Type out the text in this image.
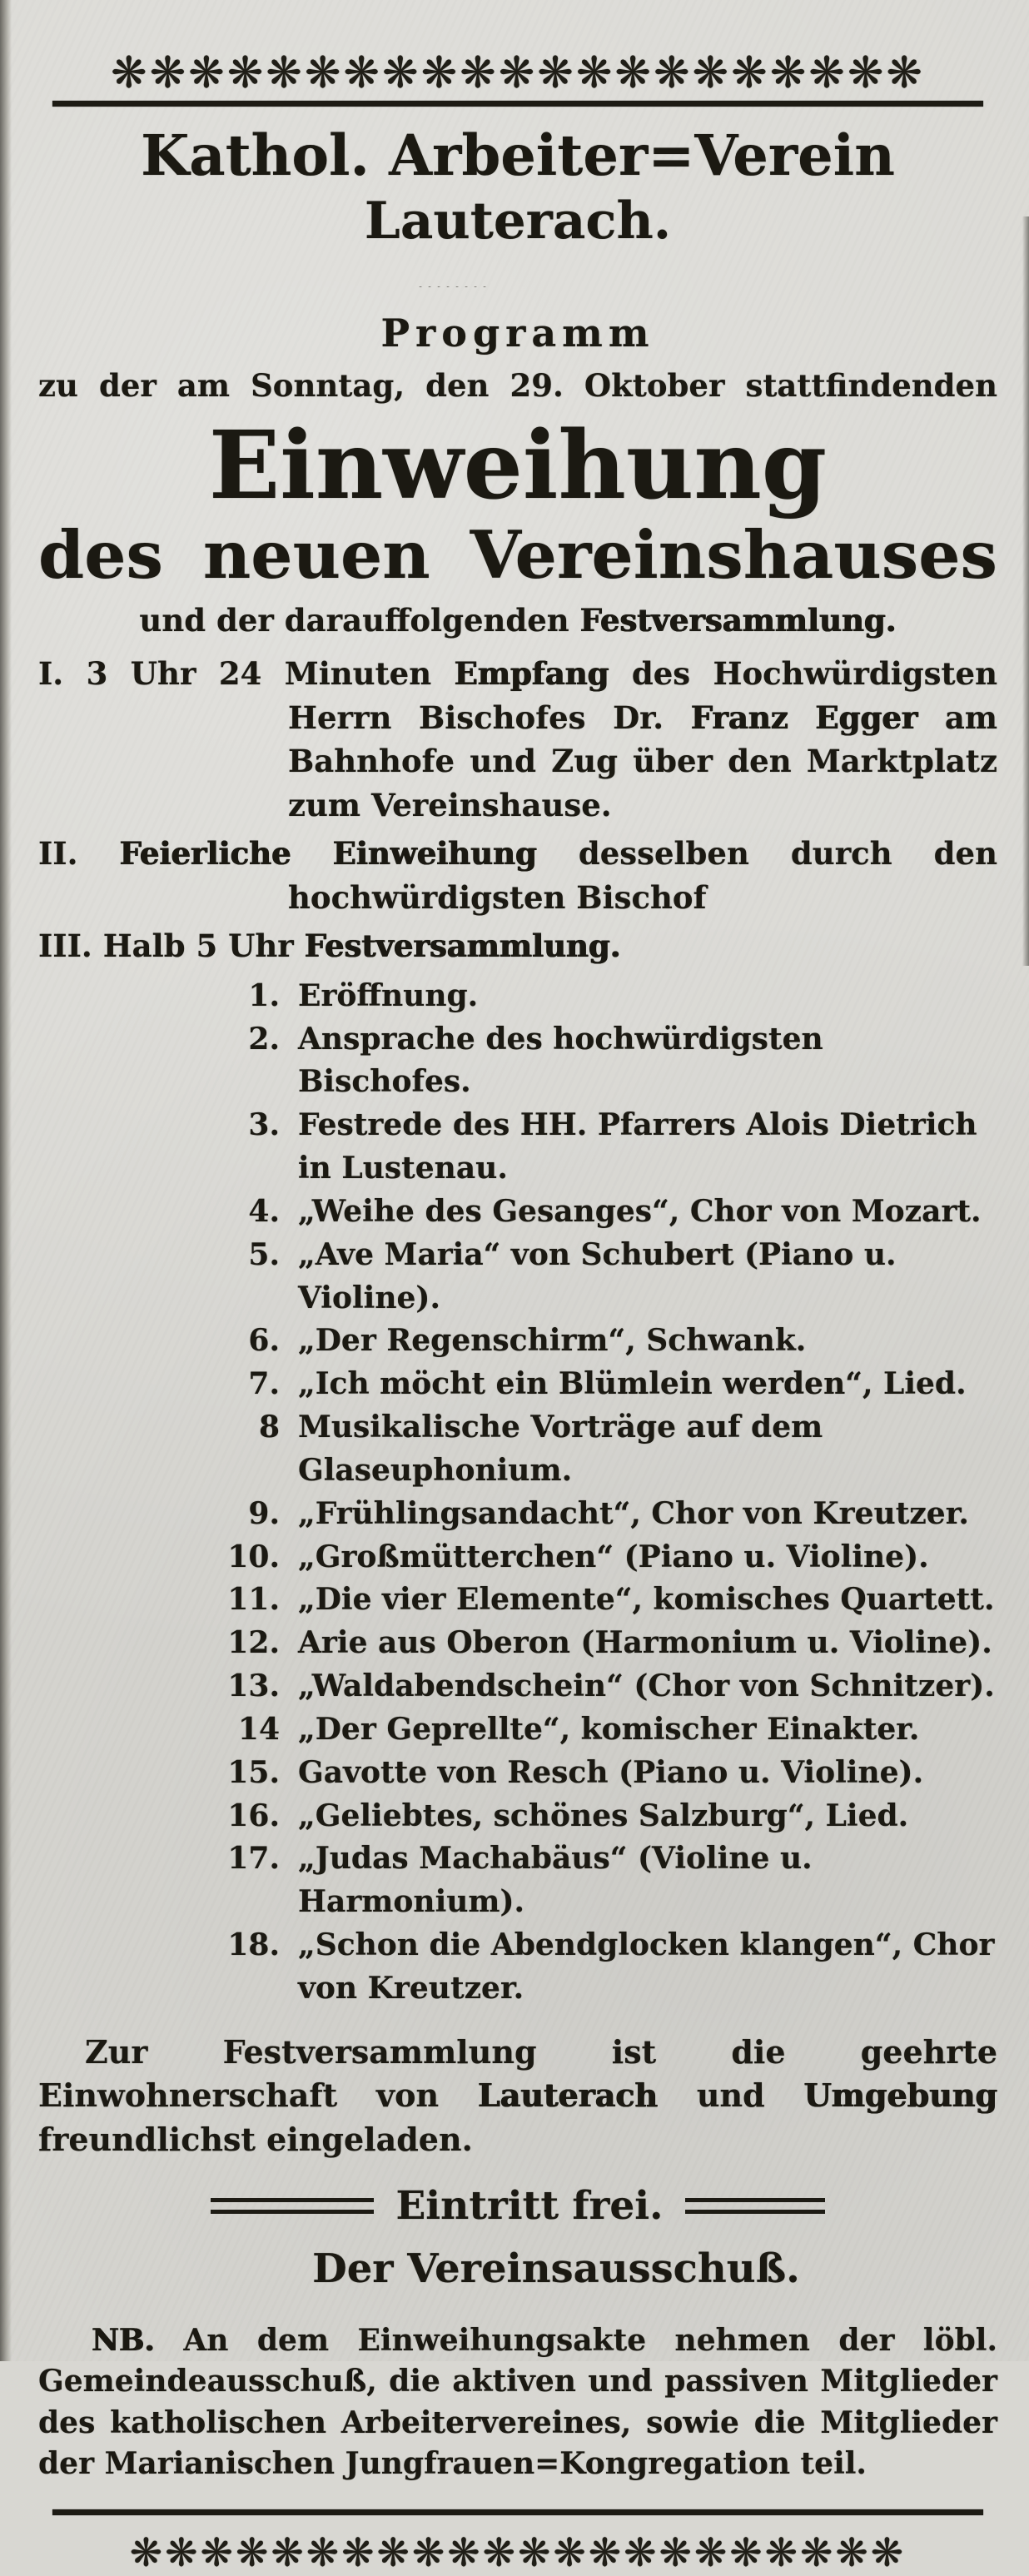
❋❋❋❋❋❋❋❋❋❋❋❋❋❋❋❋❋❋❋❋❋
Kathol. Arbeiter=Verein
Lauterach.

Programm
zu der am Sonntag, den 29. Oktober stattfindenden
Einweihung
des neuen Vereinshauses
und der darauffolgenden Festversammlung.
I. 3 Uhr 24 Minuten Empfang des Hochwürdigsten Herrn Bischofes Dr. Franz Egger am Bahnhofe und Zug über den Marktplatz zum Vereinshause.
II. Feierliche Einweihung desselben durch den hochwürdigsten Bischof
III. Halb 5 Uhr Festversammlung.
1. Eröffnung.
2. Ansprache des hochwürdigsten Bischofes.
3. Festrede des HH. Pfarrers Alois Dietrich in Lustenau.
4. „Weihe des Gesanges“, Chor von Mozart.
5. „Ave Maria“ von Schubert (Piano u. Violine).
6. „Der Regenschirm“, Schwank.
7. „Ich möcht ein Blümlein werden“, Lied.
8 Musikalische Vorträge auf dem Glaseuphonium.
9. „Frühlingsandacht“, Chor von Kreutzer.
10. „Großmütterchen“ (Piano u. Violine).
11. „Die vier Elemente“, komisches Quartett.
12. Arie aus Oberon (Harmonium u. Violine).
13. „Waldabendschein“ (Chor von Schnitzer).
14 „Der Geprellte“, komischer Einakter.
15. Gavotte von Resch (Piano u. Violine).
16. „Geliebtes, schönes Salzburg“, Lied.
17. „Judas Machabäus“ (Violine u. Harmonium).
18. „Schon die Abendglocken klangen“, Chor von Kreutzer.

Zur Festversammlung ist die geehrte Einwohnerschaft von Lauterach und Umgebung freundlichst eingeladen.

Eintritt frei.

Der Vereinsausschuß.

NB. An dem Einweihungsakte nehmen der löbl. Gemeindeausschuß, die aktiven und passiven Mitglieder des katholischen Arbeitervereines, sowie die Mitglieder der Marianischen Jungfrauen=Kongregation teil.

❋❋❋❋❋❋❋❋❋❋❋❋❋❋❋❋❋❋❋❋❋❋
